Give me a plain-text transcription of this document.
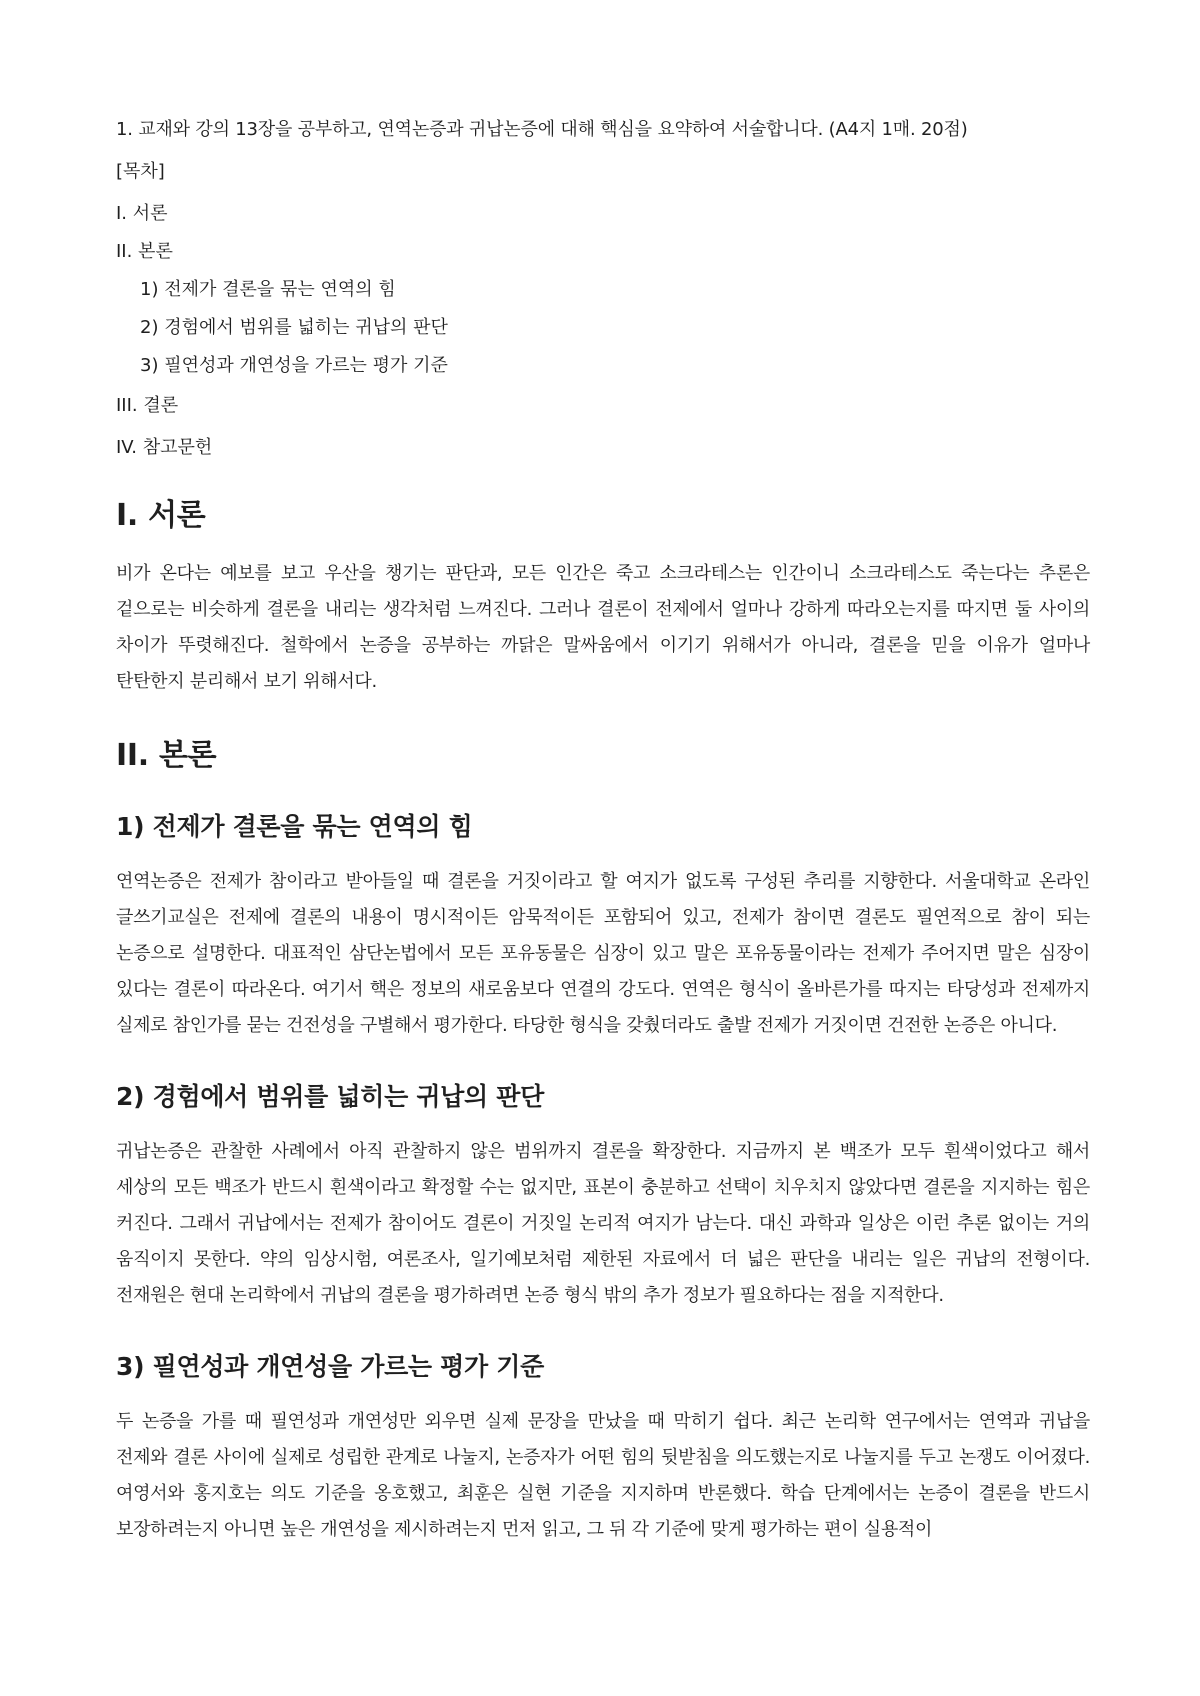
1. 교재와 강의 13장을 공부하고, 연역논증과 귀납논증에 대해 핵심을 요약하여 서술합니다. (A4지 1매. 20점)

[목차]
I. 서론
II. 본론
1) 전제가 결론을 묶는 연역의 힘
2) 경험에서 범위를 넓히는 귀납의 판단
3) 필연성과 개연성을 가르는 평가 기준
III. 결론
IV. 참고문헌
I. 서론

비가 온다는 예보를 보고 우산을 챙기는 판단과, 모든 인간은 죽고 소크라테스는 인간이니 소크라테스도 죽는다는 추론은 겉으로는 비슷하게 결론을 내리는 생각처럼 느껴진다. 그러나 결론이 전제에서 얼마나 강하게 따라오는지를 따지면 둘 사이의 차이가 뚜렷해진다. 철학에서 논증을 공부하는 까닭은 말싸움에서 이기기 위해서가 아니라, 결론을 믿을 이유가 얼마나 탄탄한지 분리해서 보기 위해서다.

II. 본론
1) 전제가 결론을 묶는 연역의 힘

연역논증은 전제가 참이라고 받아들일 때 결론을 거짓이라고 할 여지가 없도록 구성된 추리를 지향한다. 서울대학교 온라인 글쓰기교실은 전제에 결론의 내용이 명시적이든 암묵적이든 포함되어 있고, 전제가 참이면 결론도 필연적으로 참이 되는 논증으로 설명한다. 대표적인 삼단논법에서 모든 포유동물은 심장이 있고 말은 포유동물이라는 전제가 주어지면 말은 심장이 있다는 결론이 따라온다. 여기서 핵은 정보의 새로움보다 연결의 강도다. 연역은 형식이 올바른가를 따지는 타당성과 전제까지 실제로 참인가를 묻는 건전성을 구별해서 평가한다. 타당한 형식을 갖췄더라도 출발 전제가 거짓이면 건전한 논증은 아니다.

2) 경험에서 범위를 넓히는 귀납의 판단

귀납논증은 관찰한 사례에서 아직 관찰하지 않은 범위까지 결론을 확장한다. 지금까지 본 백조가 모두 흰색이었다고 해서 세상의 모든 백조가 반드시 흰색이라고 확정할 수는 없지만, 표본이 충분하고 선택이 치우치지 않았다면 결론을 지지하는 힘은 커진다. 그래서 귀납에서는 전제가 참이어도 결론이 거짓일 논리적 여지가 남는다. 대신 과학과 일상은 이런 추론 없이는 거의 움직이지 못한다. 약의 임상시험, 여론조사, 일기예보처럼 제한된 자료에서 더 넓은 판단을 내리는 일은 귀납의 전형이다. 전재원은 현대 논리학에서 귀납의 결론을 평가하려면 논증 형식 밖의 추가 정보가 필요하다는 점을 지적한다.

3) 필연성과 개연성을 가르는 평가 기준

두 논증을 가를 때 필연성과 개연성만 외우면 실제 문장을 만났을 때 막히기 쉽다. 최근 논리학 연구에서는 연역과 귀납을 전제와 결론 사이에 실제로 성립한 관계로 나눌지, 논증자가 어떤 힘의 뒷받침을 의도했는지로 나눌지를 두고 논쟁도 이어졌다. 여영서와 홍지호는 의도 기준을 옹호했고, 최훈은 실현 기준을 지지하며 반론했다. 학습 단계에서는 논증이 결론을 반드시 보장하려는지 아니면 높은 개연성을 제시하려는지 먼저 읽고, 그 뒤 각 기준에 맞게 평가하는 편이 실용적이
